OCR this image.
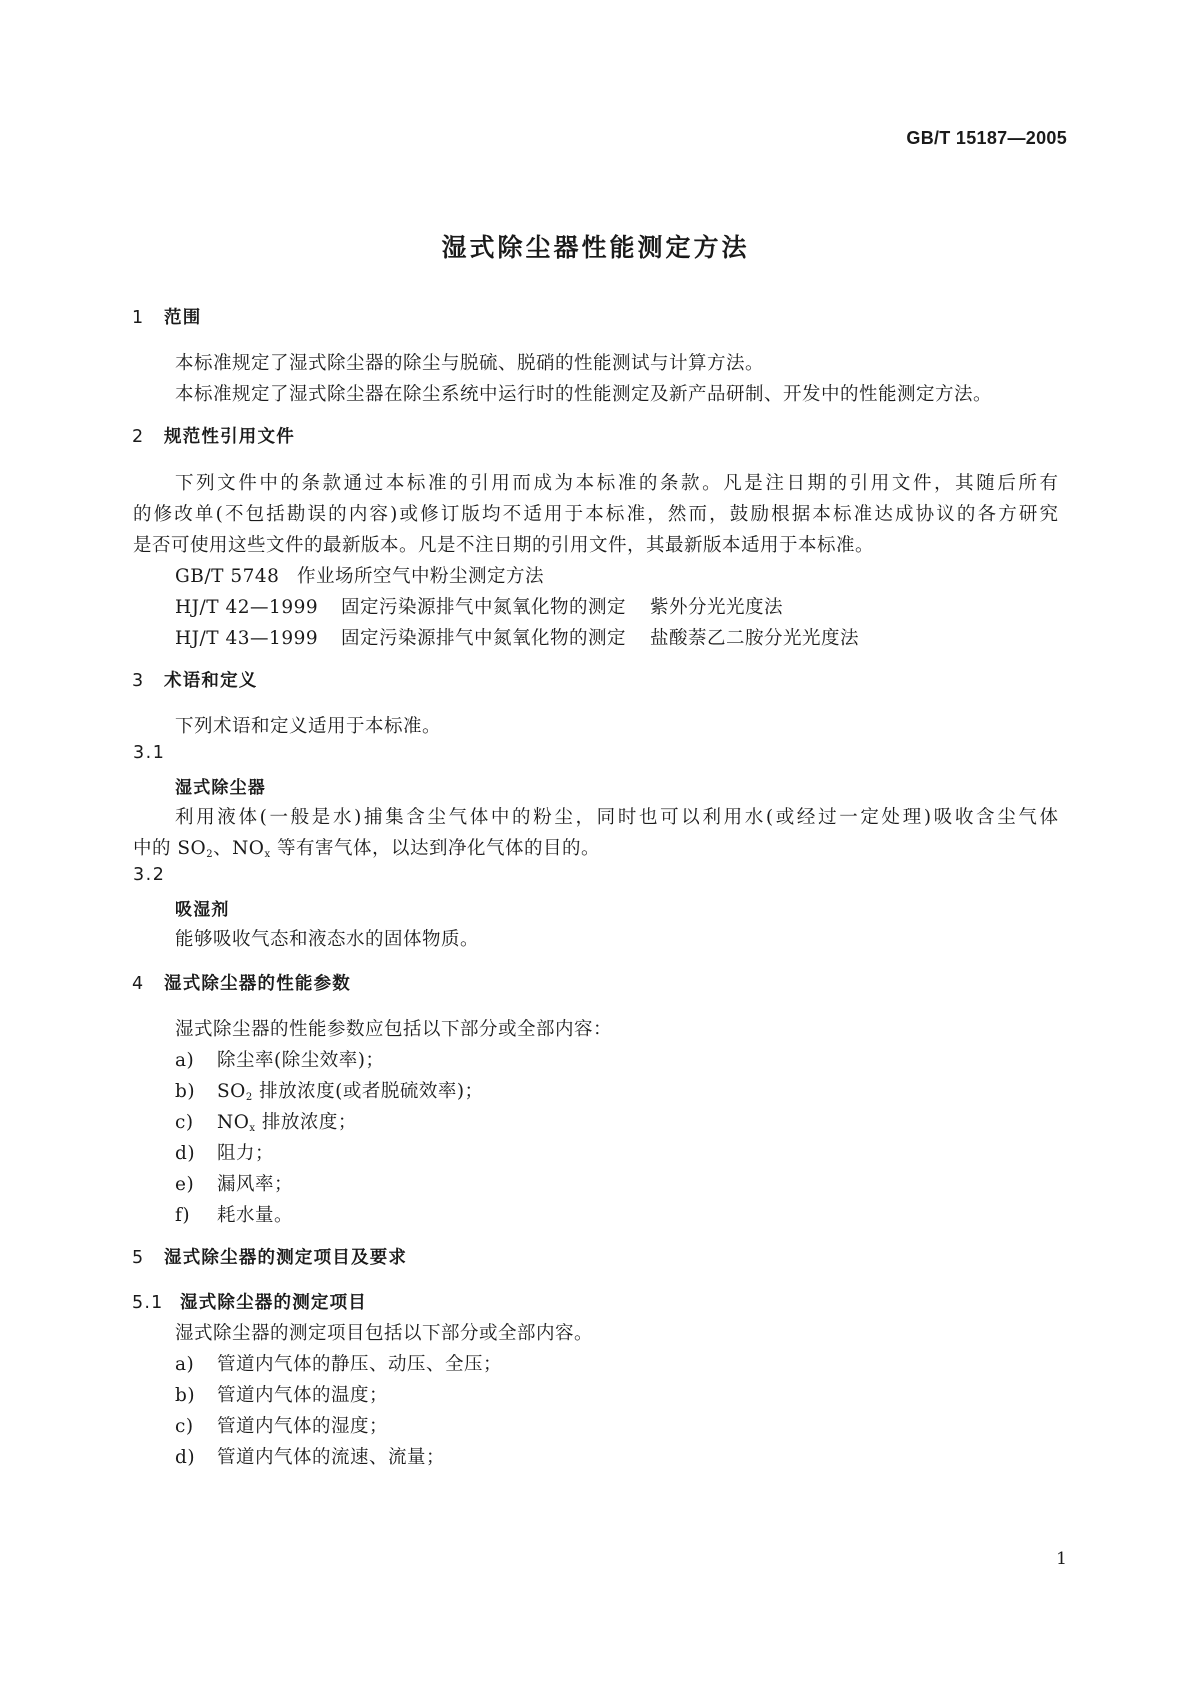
GB/T 15187—2005
湿式除尘器性能测定方法
1 范围
本标准规定了湿式除尘器的除尘与脱硫、脱硝的性能测试与计算方法。
本标准规定了湿式除尘器在除尘系统中运行时的性能测定及新产品研制、开发中的性能测定方法。
2 规范性引用文件
下列文件中的条款通过本标准的引用而成为本标准的条款。凡是注日期的引用文件，其随后所有
的修改单(不包括勘误的内容)或修订版均不适用于本标准，然而，鼓励根据本标准达成协议的各方研究
是否可使用这些文件的最新版本。凡是不注日期的引用文件，其最新版本适用于本标准。
GB/T 5748 作业场所空气中粉尘测定方法
HJ/T 42—1999 固定污染源排气中氮氧化物的测定 紫外分光光度法
HJ/T 43—1999 固定污染源排气中氮氧化物的测定 盐酸萘乙二胺分光光度法
3 术语和定义
下列术语和定义适用于本标准。
3.1
湿式除尘器
利用液体(一般是水)捕集含尘气体中的粉尘，同时也可以利用水(或经过一定处理)吸收含尘气体
中的 $SO_2$、$NO_x$ 等有害气体，以达到净化气体的目的。
3.2
吸湿剂
能够吸收气态和液态水的固体物质。
4 湿式除尘器的性能参数
湿式除尘器的性能参数应包括以下部分或全部内容：
a) 除尘率(除尘效率)；
b) $SO_2$ 排放浓度(或者脱硫效率)；
c) $NO_x$ 排放浓度；
d) 阻力；
e) 漏风率；
f) 耗水量。
5 湿式除尘器的测定项目及要求
5.1 湿式除尘器的测定项目
湿式除尘器的测定项目包括以下部分或全部内容。
a) 管道内气体的静压、动压、全压；
b) 管道内气体的温度；
c) 管道内气体的湿度；
d) 管道内气体的流速、流量；
1
